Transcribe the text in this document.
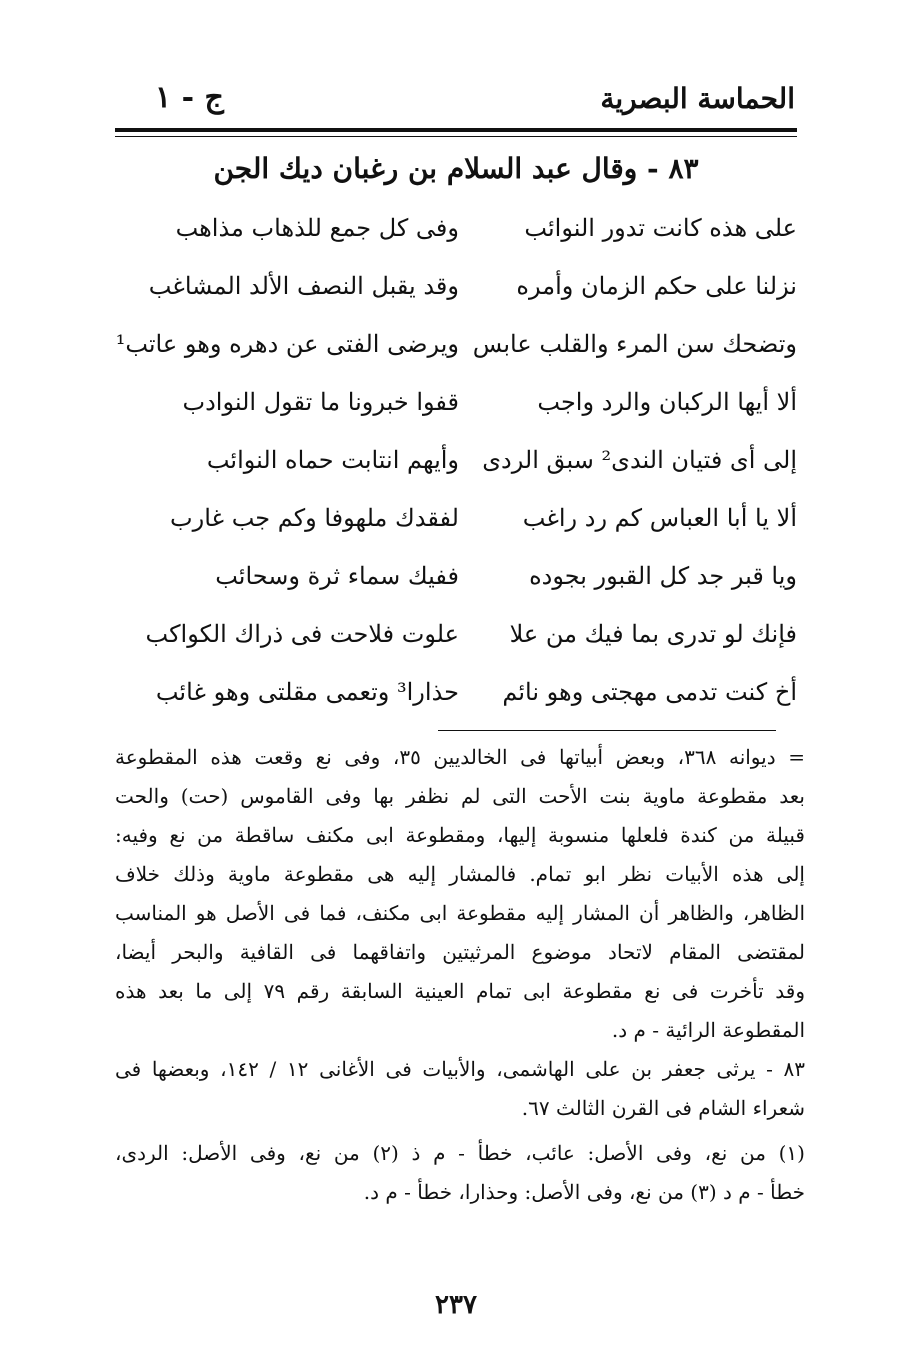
الحماسة البصرية
ج - ١
٨٣ - وقال عبد السلام بن رغبان ديك الجن
على هذه كانت تدور النوائب
وفى كل جمع للذهاب مذاهب
نزلنا على حكم الزمان وأمره
وقد يقبل النصف الألد المشاغب
وتضحك سن المرء والقلب عابس
ويرضى الفتى عن دهره وهو عاتب¹
ألا أيها الركبان والرد واجب
قفوا خبرونا ما تقول النوادب
إلى أى فتيان الندى² سبق الردى
وأيهم انتابت حماه النوائب
ألا يا أبا العباس كم رد راغب
لفقدك ملهوفا وكم جب غارب
ويا قبر جد كل القبور بجوده
ففيك سماء ثرة وسحائب
فإنك لو تدرى بما فيك من علا
علوت فلاحت فى ذراك الكواكب
أخ كنت تدمى مهجتى وهو نائم
حذارا³ وتعمى مقلتى وهو غائب
= ديوانه ٣٦٨، وبعض أبياتها فى الخالديين ٣٥، وفى نع وقعت هذه المقطوعة
بعد مقطوعة ماوية بنت الأحت التى لم نظفر بها وفى القاموس (حت) والحت
قبيلة من كندة فلعلها منسوبة إليها، ومقطوعة ابى مكنف ساقطة من نع وفيه:
إلى هذه الأبيات نظر ابو تمام. فالمشار إليه هى مقطوعة ماوية وذلك خلاف
الظاهر، والظاهر أن المشار إليه مقطوعة ابى مكنف، فما فى الأصل هو المناسب
لمقتضى المقام لاتحاد موضوع المرثيتين واتفاقهما فى القافية والبحر أيضا،
وقد تأخرت فى نع مقطوعة ابى تمام العينية السابقة رقم ٧٩ إلى ما بعد هذه
المقطوعة الرائية - م د.
٨٣ - يرثى جعفر بن على الهاشمى، والأبيات فى الأغانى ١٢ / ١٤٢، وبعضها فى
شعراء الشام فى القرن الثالث ٦٧.
(١) من نع، وفى الأصل: عائب، خطأ - م ذ (٢) من نع، وفى الأصل: الردى،
خطأ - م د (٣) من نع، وفى الأصل: وحذارا، خطأ - م د.
٢٣٧
